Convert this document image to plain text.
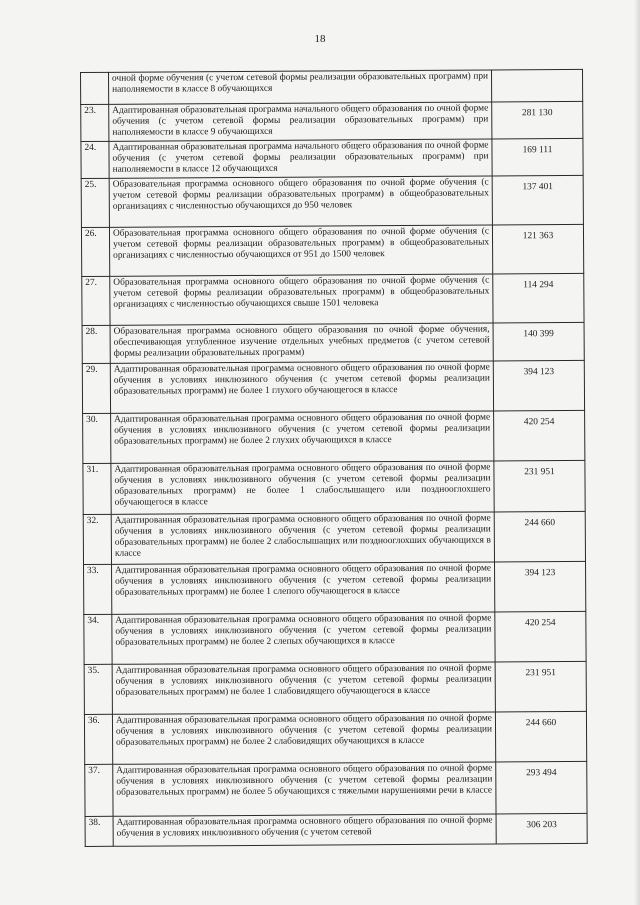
18
	очной форме обучения (с учетом сетевой формы реализации образовательных программ) при наполняемости в классе 8 обучающихся	
23.	Адаптированная образовательная программа начального общего образования по очной форме обучения (с учетом сетевой формы реализации образовательных программ) при наполняемости в классе 9 обучающихся	281 130
24.	Адаптированная образовательная программа начального общего образования по очной форме обучения (с учетом сетевой формы реализации образовательных программ) при наполняемости в классе 12 обучающихся	169 111
25.	Образовательная программа основного общего образования по очной форме обучения (с учетом сетевой формы реализации образовательных программ) в общеобразовательных организациях с численностью обучающихся до 950 человек	137 401
26.	Образовательная программа основного общего образования по очной форме обучения (с учетом сетевой формы реализации образовательных программ) в общеобразовательных организациях с численностью обучающихся от 951 до 1500 человек	121 363
27.	Образовательная программа основного общего образования по очной форме обучения (с учетом сетевой формы реализации образовательных программ) в общеобразовательных организациях с численностью обучающихся свыше 1501 человека	114 294
28.	Образовательная программа основного общего образования по очной форме обучения, обеспечивающая углубленное изучение отдельных учебных предметов (с учетом сетевой формы реализации образовательных программ)	140 399
29.	Адаптированная образовательная программа основного общего образования по очной форме обучения в условиях инклюзиного обучения (с учетом сетевой формы реализации образовательных программ) не более 1 глухого обучающегося в классе	394 123
30.	Адаптированная образовательная программа основного общего образования по очной форме обучения в условиях инклюзивного обучения (с учетом сетевой формы реализации образовательных программ) не более 2 глухих обучающихся в классе	420 254
31.	Адаптированная образовательная программа основного общего образования по очной форме обучения в условиях инклюзивного обучения (с учетом сетевой формы реализации образовательных программ) не более 1 слабослышащего или позднооглохшего обучающегося в классе	231 951
32.	Адаптированная образовательная программа основного общего образования по очной форме обучения в условиях инклюзивного обучения (с учетом сетевой формы реализации образовательных программ) не более 2 слабослышащих или позднооглохших обучающихся в классе	244 660
33.	Адаптированная образовательная программа основного общего образования по очной форме обучения в условиях инклюзивного обучения (с учетом сетевой формы реализации образовательных программ) не более 1 слепого обучающегося в классе	394 123
34.	Адаптированная образовательная программа основного общего образования по очной форме обучения в условиях инклюзивного обучения (с учетом сетевой формы реализации образовательных программ) не более 2 слепых обучающихся в классе	420 254
35.	Адаптированная образовательная программа основного общего образования по очной форме обучения в условиях инклюзивного обучения (с учетом сетевой формы реализации образовательных программ) не более 1 слабовидящего обучающегося в классе	231 951
36.	Адаптированная образовательная программа основного общего образования по очной форме обучения в условиях инклюзивного обучения (с учетом сетевой формы реализации образовательных программ) не более 2 слабовидящих обучающихся в классе	244 660
37.	Адаптированная образовательная программа основного общего образования по очной форме обучения в условиях инклюзивного обучения (с учетом сетевой формы реализации образовательных программ) не более 5 обучающихся с тяжелыми нарушениями речи в классе	293 494
38.	Адаптированная образовательная программа основного общего образования по очной форме обучения в условиях инклюзивного обучения (с учетом сетевой	306 203
